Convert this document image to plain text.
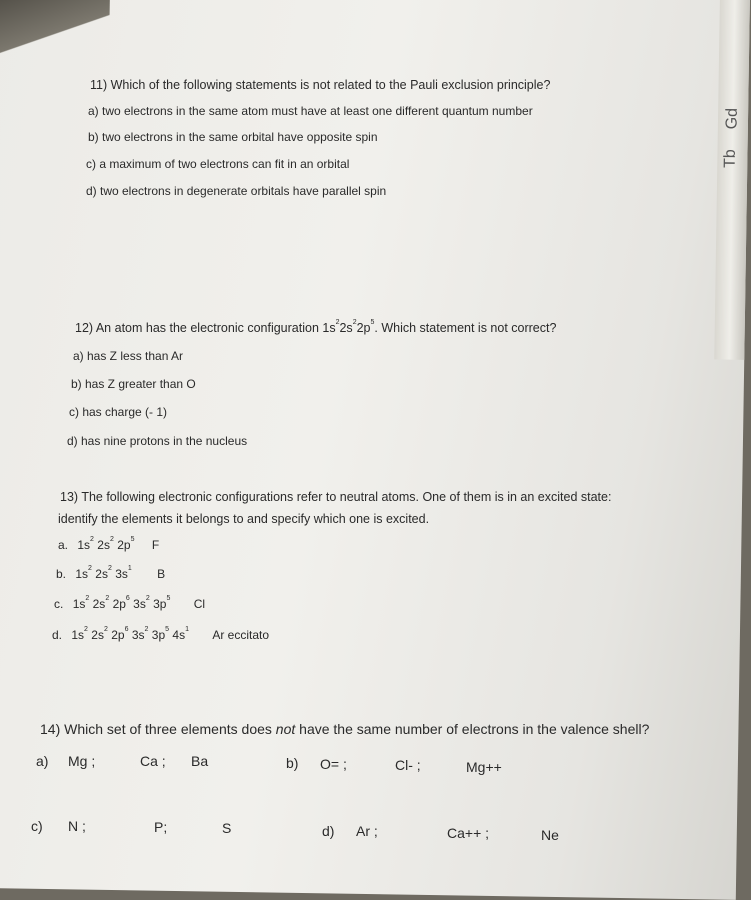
Gd
Tb
11) Which of the following statements is not related to the Pauli exclusion principle?
a) two electrons in the same atom must have at least one different quantum number
b) two electrons in the same orbital have opposite spin
c) a maximum of two electrons can fit in an orbital
d) two electrons in degenerate orbitals have parallel spin
12) An atom has the electronic configuration $1s^22s^22p^5$. Which statement is not correct?
a) has Z less than Ar
b) has Z greater than O
c) has charge (- 1)
d) has nine protons in the nucleus
13) The following electronic configurations refer to neutral atoms. One of them is in an excited state:
identify the elements it belongs to and specify which one is excited.
a. $1s^2$ $2s^2$ $2p^5$ F
b. $1s^2$ $2s^2$ $3s^1$ B
c. $1s^2$ $2s^2$ $2p^6$ $3s^2$ $3p^5$ Cl
d. $1s^2$ $2s^2$ $2p^6$ $3s^2$ $3p^5$ $4s^1$ Ar eccitato
14) Which set of three elements does not have the same number of electrons in the valence shell?
a) Mg ;	Ca ; Ba	b) O= ;	Cl- ;	Mg++
c) N ;	P;	S	d) Ar ;	Ca++ ;	Ne
